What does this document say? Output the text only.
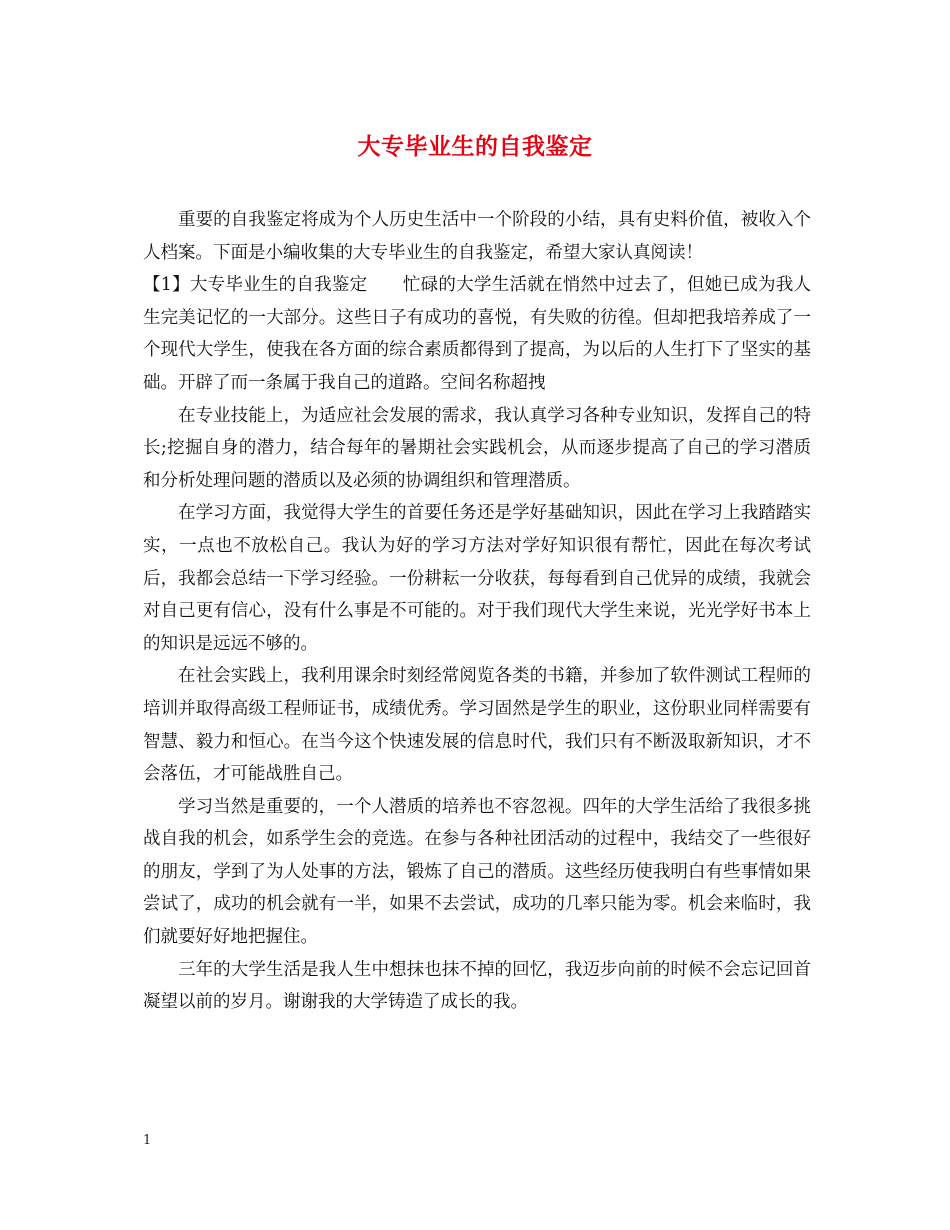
大专毕业生的自我鉴定

重要的自我鉴定将成为个人历史生活中一个阶段的小结，具有史料价值，被收入个人档案。下面是小编收集的大专毕业生的自我鉴定，希望大家认真阅读！

【1】大专毕业生的自我鉴定　　忙碌的大学生活就在悄然中过去了，但她已成为我人生完美记忆的一大部分。这些日子有成功的喜悦，有失败的彷徨。但却把我培养成了一个现代大学生，使我在各方面的综合素质都得到了提高，为以后的人生打下了坚实的基础。开辟了而一条属于我自己的道路。空间名称超拽

在专业技能上，为适应社会发展的需求，我认真学习各种专业知识，发挥自己的特长;挖掘自身的潜力，结合每年的暑期社会实践机会，从而逐步提高了自己的学习潜质和分析处理问题的潜质以及必须的协调组织和管理潜质。

在学习方面，我觉得大学生的首要任务还是学好基础知识，因此在学习上我踏踏实实，一点也不放松自己。我认为好的学习方法对学好知识很有帮忙，因此在每次考试后，我都会总结一下学习经验。一份耕耘一分收获，每每看到自己优异的成绩，我就会对自己更有信心，没有什么事是不可能的。对于我们现代大学生来说，光光学好书本上的知识是远远不够的。

在社会实践上，我利用课余时刻经常阅览各类的书籍，并参加了软件测试工程师的培训并取得高级工程师证书，成绩优秀。学习固然是学生的职业，这份职业同样需要有智慧、毅力和恒心。在当今这个快速发展的信息时代，我们只有不断汲取新知识，才不会落伍，才可能战胜自己。

学习当然是重要的，一个人潜质的培养也不容忽视。四年的大学生活给了我很多挑战自我的机会，如系学生会的竞选。在参与各种社团活动的过程中，我结交了一些很好的朋友，学到了为人处事的方法，锻炼了自己的潜质。这些经历使我明白有些事情如果尝试了，成功的机会就有一半，如果不去尝试，成功的几率只能为零。机会来临时，我们就要好好地把握住。

三年的大学生活是我人生中想抹也抹不掉的回忆，我迈步向前的时候不会忘记回首凝望以前的岁月。谢谢我的大学铸造了成长的我。

1
